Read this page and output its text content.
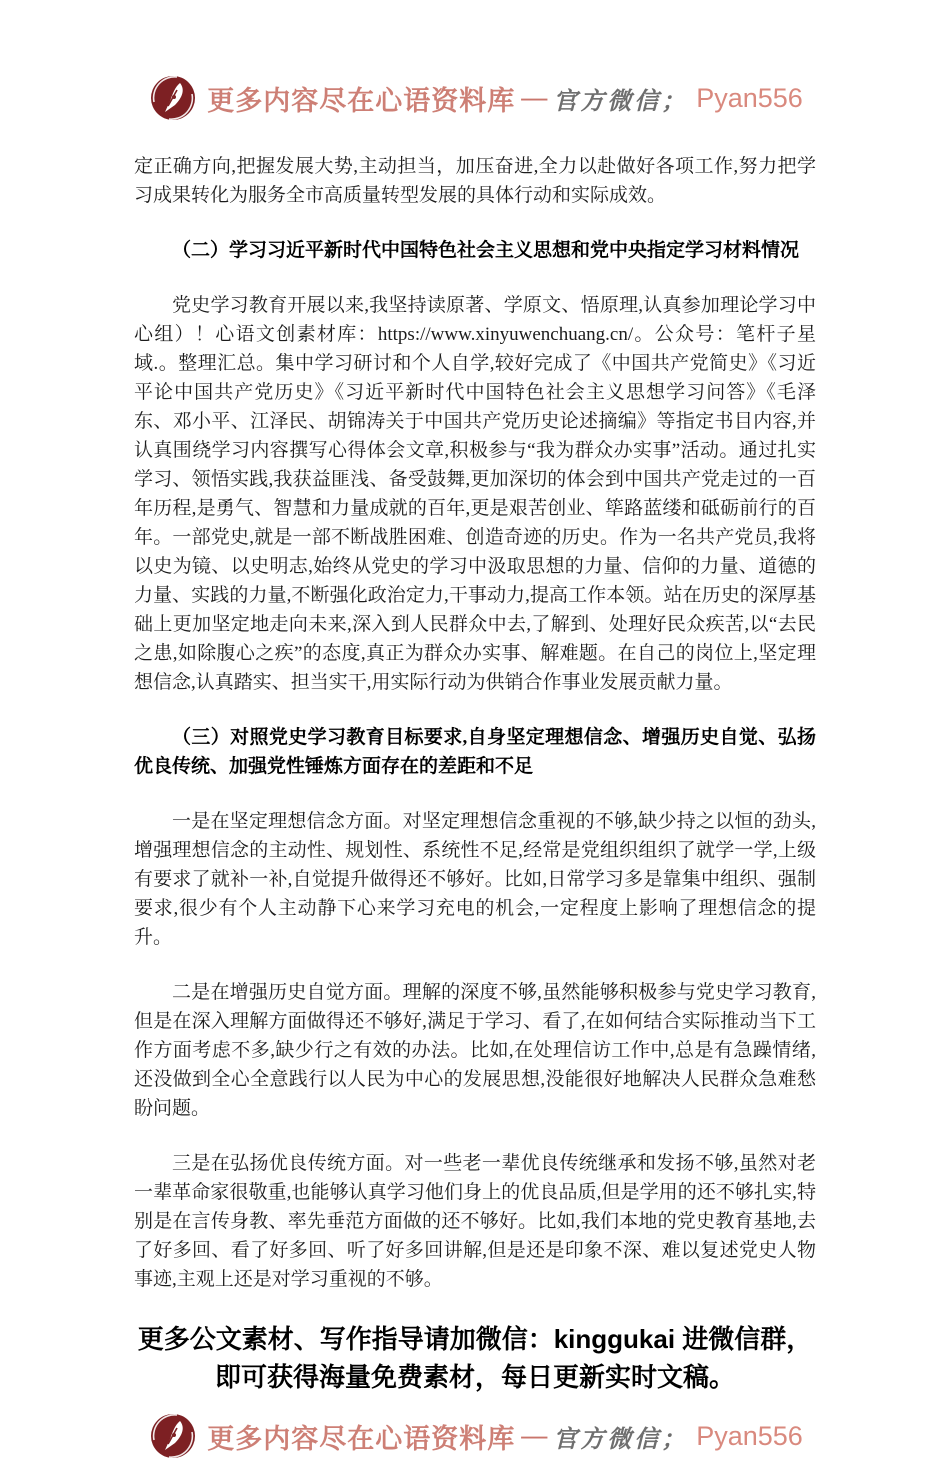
更多内容尽在心语资料库 — 官方微信； Pyan556

定正确方向,把握发展大势,主动担当，加压奋进,全力以赴做好各项工作,努力把学习成果转化为服务全市高质量转型发展的具体行动和实际成效。

（二）学习习近平新时代中国特色社会主义思想和党中央指定学习材料情况

党史学习教育开展以来,我坚持读原著、学原文、悟原理,认真参加理论学习中心组）！心语文创素材库：https://www.xinyuwenchuang.cn/。公众号：笔杆子星域.。整理汇总。集中学习研讨和个人自学,较好完成了《中国共产党简史》《习近平论中国共产党历史》《习近平新时代中国特色社会主义思想学习问答》《毛泽东、邓小平、江泽民、胡锦涛关于中国共产党历史论述摘编》等指定书目内容,并认真围绕学习内容撰写心得体会文章,积极参与“我为群众办实事”活动。通过扎实学习、领悟实践,我获益匪浅、备受鼓舞,更加深切的体会到中国共产党走过的一百年历程,是勇气、智慧和力量成就的百年,更是艰苦创业、筚路蓝缕和砥砺前行的百年。一部党史,就是一部不断战胜困难、创造奇迹的历史。作为一名共产党员,我将以史为镜、以史明志,始终从党史的学习中汲取思想的力量、信仰的力量、道德的力量、实践的力量,不断强化政治定力,干事动力,提高工作本领。站在历史的深厚基础上更加坚定地走向未来,深入到人民群众中去,了解到、处理好民众疾苦,以“去民之患,如除腹心之疾”的态度,真正为群众办实事、解难题。在自己的岗位上,坚定理想信念,认真踏实、担当实干,用实际行动为供销合作事业发展贡献力量。

（三）对照党史学习教育目标要求,自身坚定理想信念、增强历史自觉、弘扬优良传统、加强党性锤炼方面存在的差距和不足

一是在坚定理想信念方面。对坚定理想信念重视的不够,缺少持之以恒的劲头,增强理想信念的主动性、规划性、系统性不足,经常是党组织组织了就学一学,上级有要求了就补一补,自觉提升做得还不够好。比如,日常学习多是靠集中组织、强制要求,很少有个人主动静下心来学习充电的机会,一定程度上影响了理想信念的提升。

二是在增强历史自觉方面。理解的深度不够,虽然能够积极参与党史学习教育,但是在深入理解方面做得还不够好,满足于学习、看了,在如何结合实际推动当下工作方面考虑不多,缺少行之有效的办法。比如,在处理信访工作中,总是有急躁情绪,还没做到全心全意践行以人民为中心的发展思想,没能很好地解决人民群众急难愁盼问题。

三是在弘扬优良传统方面。对一些老一辈优良传统继承和发扬不够,虽然对老一辈革命家很敬重,也能够认真学习他们身上的优良品质,但是学用的还不够扎实,特别是在言传身教、率先垂范方面做的还不够好。比如,我们本地的党史教育基地,去了好多回、看了好多回、听了好多回讲解,但是还是印象不深、难以复述党史人物事迹,主观上还是对学习重视的不够。

更多公文素材、写作指导请加微信：kinggukai 进微信群，即可获得海量免费素材，每日更新实时文稿。

更多内容尽在心语资料库 — 官方微信； Pyan556
